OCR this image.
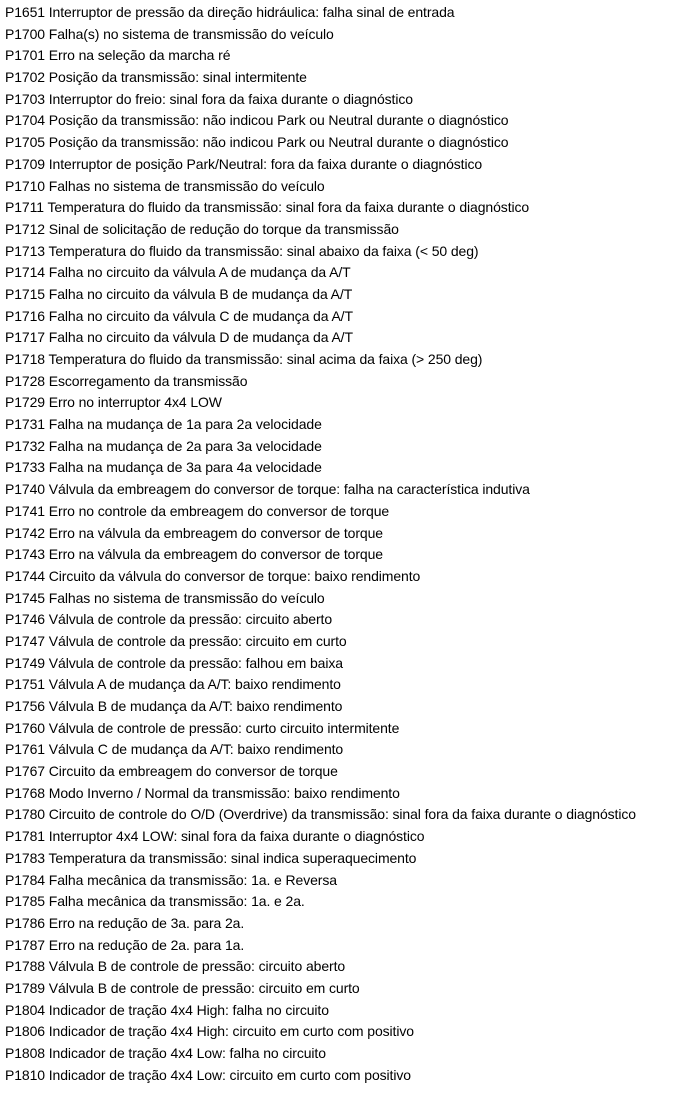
P1651 Interruptor de pressão da direção hidráulica: falha sinal de entrada
P1700 Falha(s) no sistema de transmissão do veículo
P1701 Erro na seleção da marcha ré
P1702 Posição da transmissão: sinal intermitente
P1703 Interruptor do freio: sinal fora da faixa durante o diagnóstico
P1704 Posição da transmissão: não indicou Park ou Neutral durante o diagnóstico
P1705 Posição da transmissão: não indicou Park ou Neutral durante o diagnóstico
P1709 Interruptor de posição Park/Neutral: fora da faixa durante o diagnóstico
P1710 Falhas no sistema de transmissão do veículo
P1711 Temperatura do fluido da transmissão: sinal fora da faixa durante o diagnóstico
P1712 Sinal de solicitação de redução do torque da transmissão
P1713 Temperatura do fluido da transmissão: sinal abaixo da faixa (< 50 deg)
P1714 Falha no circuito da válvula A de mudança da A/T
P1715 Falha no circuito da válvula B de mudança da A/T
P1716 Falha no circuito da válvula C de mudança da A/T
P1717 Falha no circuito da válvula D de mudança da A/T
P1718 Temperatura do fluido da transmissão: sinal acima da faixa (> 250 deg)
P1728 Escorregamento da transmissão
P1729 Erro no interruptor 4x4 LOW
P1731 Falha na mudança de 1a para 2a velocidade
P1732 Falha na mudança de 2a para 3a velocidade
P1733 Falha na mudança de 3a para 4a velocidade
P1740 Válvula da embreagem do conversor de torque: falha na característica indutiva
P1741 Erro no controle da embreagem do conversor de torque
P1742 Erro na válvula da embreagem do conversor de torque
P1743 Erro na válvula da embreagem do conversor de torque
P1744 Circuito da válvula do conversor de torque: baixo rendimento
P1745 Falhas no sistema de transmissão do veículo
P1746 Válvula de controle da pressão: circuito aberto
P1747 Válvula de controle da pressão: circuito em curto
P1749 Válvula de controle da pressão: falhou em baixa
P1751 Válvula A de mudança da A/T: baixo rendimento
P1756 Válvula B de mudança da A/T: baixo rendimento
P1760 Válvula de controle de pressão: curto circuito intermitente
P1761 Válvula C de mudança da A/T: baixo rendimento
P1767 Circuito da embreagem do conversor de torque
P1768 Modo Inverno / Normal da transmissão: baixo rendimento
P1780 Circuito de controle do O/D (Overdrive) da transmissão: sinal fora da faixa durante o diagnóstico
P1781 Interruptor 4x4 LOW: sinal fora da faixa durante o diagnóstico
P1783 Temperatura da transmissão: sinal indica superaquecimento
P1784 Falha mecânica da transmissão: 1a. e Reversa
P1785 Falha mecânica da transmissão: 1a. e 2a.
P1786 Erro na redução de 3a. para 2a.
P1787 Erro na redução de 2a. para 1a.
P1788 Válvula B de controle de pressão: circuito aberto
P1789 Válvula B de controle de pressão: circuito em curto
P1804 Indicador de tração 4x4 High: falha no circuito
P1806 Indicador de tração 4x4 High: circuito em curto com positivo
P1808 Indicador de tração 4x4 Low: falha no circuito
P1810 Indicador de tração 4x4 Low: circuito em curto com positivo
